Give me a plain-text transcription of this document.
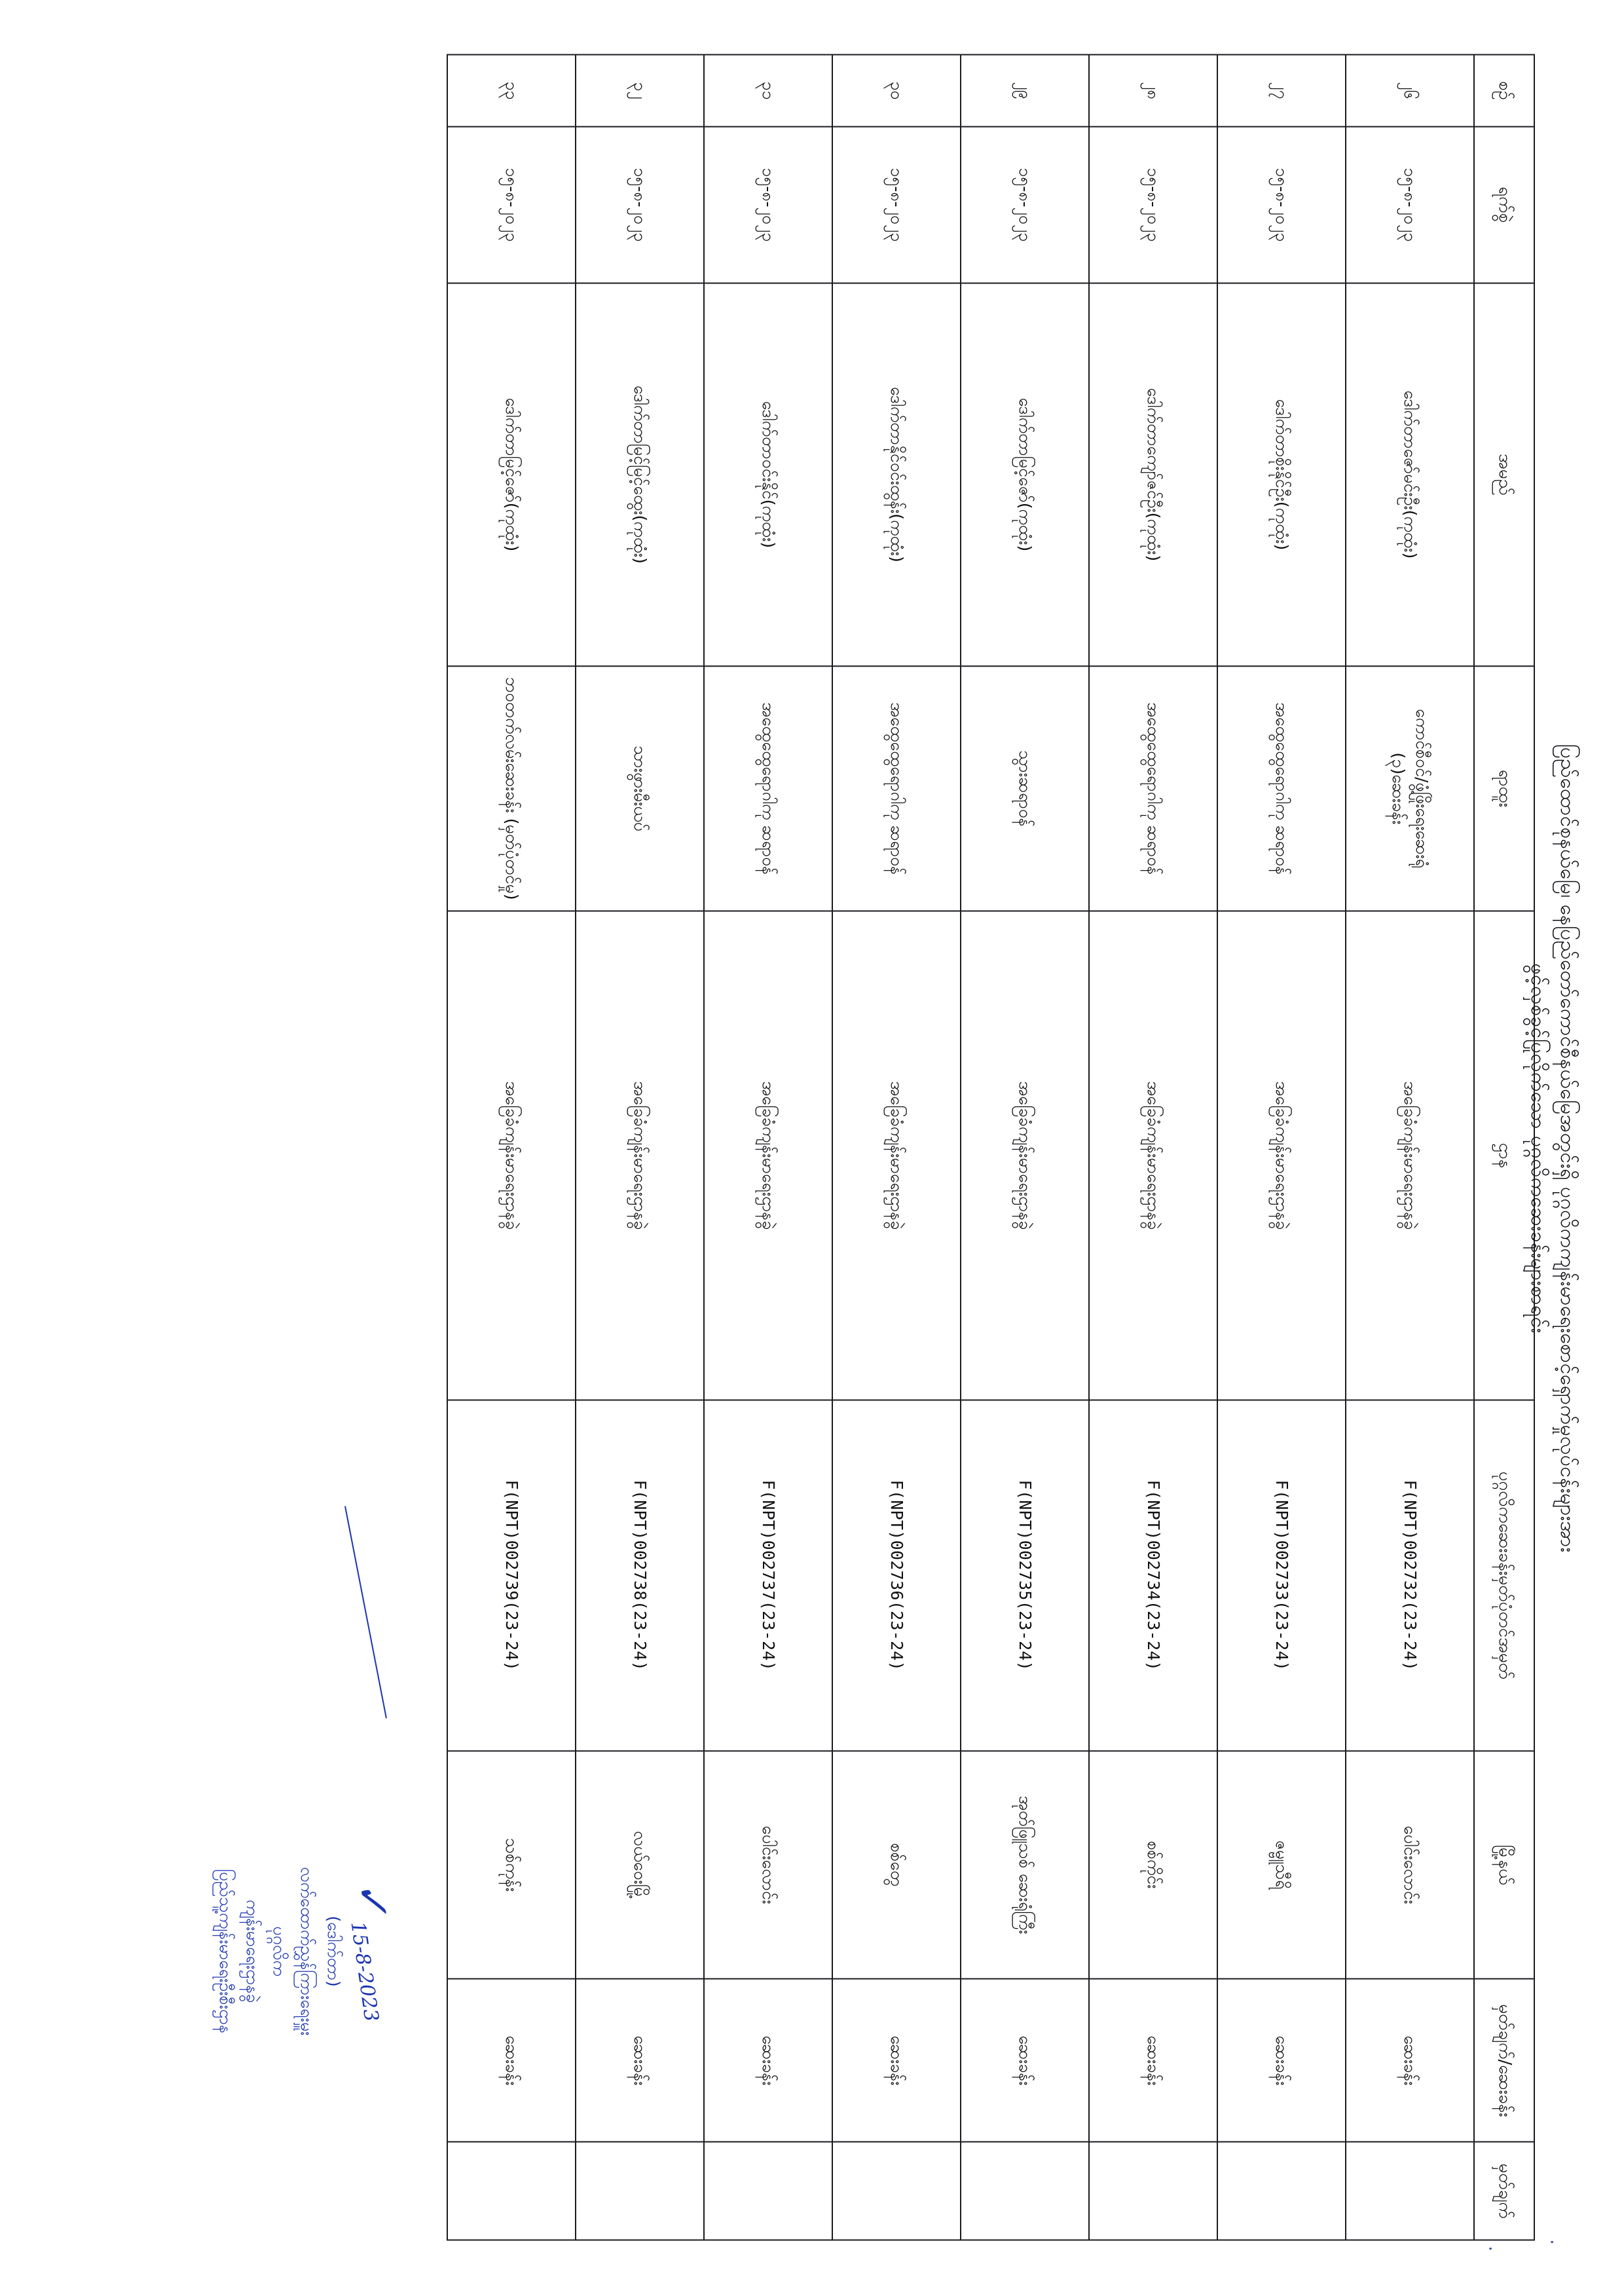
ပြည်ထောင်စုနယ်မြေ၊ နေပြည်တော်ကောင်စီနယ်မြေအတွင်းရှိ ပုဂ္ဂလိကကျန်းမာရေးစောင့်ရှောက်မှုလုပ်ငန်းများအား
ဖွင့်လှစ်ခွင့်ပြုလိုက်သော ပုဂ္ဂလိကဆေးခန်းများစာရင်း
·
·
စဉ်	ရက်စွဲ	အမည်	ရာထူး	ဌာန	ပုဂ္ဂလိကဆေးခန်းမှတ်ပုံတင်အမှတ်	မြို့နယ်	မှတ်ချက်/ဆေးခန်း	မှတ်ချက်
၂၆	၁၅-၈-၂၀၂၃	ဒေါက်တာဇော်မင်းဦး(ကုထုံး)	ကောင်စီဝင်/ဖွံ့ဖြိုးရေးဆေးရုံ (၃)ဆေးခန်း	အခြေခံကျန်းမာရေးဌာနခွဲ	F(NPT)002732(23-24)	ပေါင်းလောင်း	ဆေးခန်း	
၂၇	၁၅-၈-၂၀၂၃	ဒေါက်တာစိုးနိုင်ဦး(ကုထုံး)	အထွေထွေရောဂါကု ဆရာဝန်	အခြေခံကျန်းမာရေးဌာနခွဲ	F(NPT)002733(23-24)	ဇမ္ဗူသီရိ	ဆေးခန်း	
၂၈	၁၅-၈-၂၀၂၃	ဒေါက်တာကျော်ဇင်ဦး(ကုထုံး)	အထွေထွေရောဂါကု ဆရာဝန်	အခြေခံကျန်းမာရေးဌာနခွဲ	F(NPT)002734(23-24)	စစ်ကိုင်း	ဆေးခန်း	
၂၉	၁၅-၈-၂၀၂၃	ဒေါက်တာမြင့်ဇော်(ကုထုံး)	သွားဆရာဝန်	အခြေခံကျန်းမာရေးဌာနခွဲ	F(NPT)002735(23-24)	အုတ်ဖြူသစ် ဆေးရုံကြီး	ဆေးခန်း	
၃၀	၁၅-၈-၂၀၂၃	ဒေါက်တာနိုင်ဝင်းထွန်း(ကုထုံး)	အထွေထွေရောဂါကု ဆရာဝန်	အခြေခံကျန်းမာရေးဌာနခွဲ	F(NPT)002736(23-24)	စစ်တွေ	ဆေးခန်း	
၃၁	၁၅-၈-၂၀၂၃	ဒေါက်တာဝင်းနိုင်(ကုထုံး)	အထွေထွေရောဂါကု ဆရာဝန်	အခြေခံကျန်းမာရေးဌာနခွဲ	F(NPT)002737(23-24)	ပေါင်းလောင်း	ဆေးခန်း	
၃၂	၁၅-၈-၂၀၂၃	ဒေါက်တာမြင့်မြင့်ထွေး(ကုထုံး)	သားဖွားမီးယပ်	အခြေခံကျန်းမာရေးဌာနခွဲ	F(NPT)002738(23-24)	လယ်ဝေးမြို့	ဆေးခန်း	
၃၃	၁၅-၈-၂၀၂၃	ဒေါက်တာမြင့်ဇော်(ကုထုံး)	ဘဝတက်လမ်းဆေးခန်း (မှတ်ပုံတင်မှု)	အခြေခံကျန်းမာရေးဌာနခွဲ	F(NPT)002739(23-24)	သစ်ကုန်း	ဆေးခန်း	
✓ 15-8-2023
(ဒေါက်တာ)
လက်ထောက်ညွှန်ကြားရေးမှူး
ပုဂ္ဂလိက
ကျန်းမာရေးဌာနခွဲ
ပြည်သူ့ကျန်းမာရေးဦးစီးဌာန
